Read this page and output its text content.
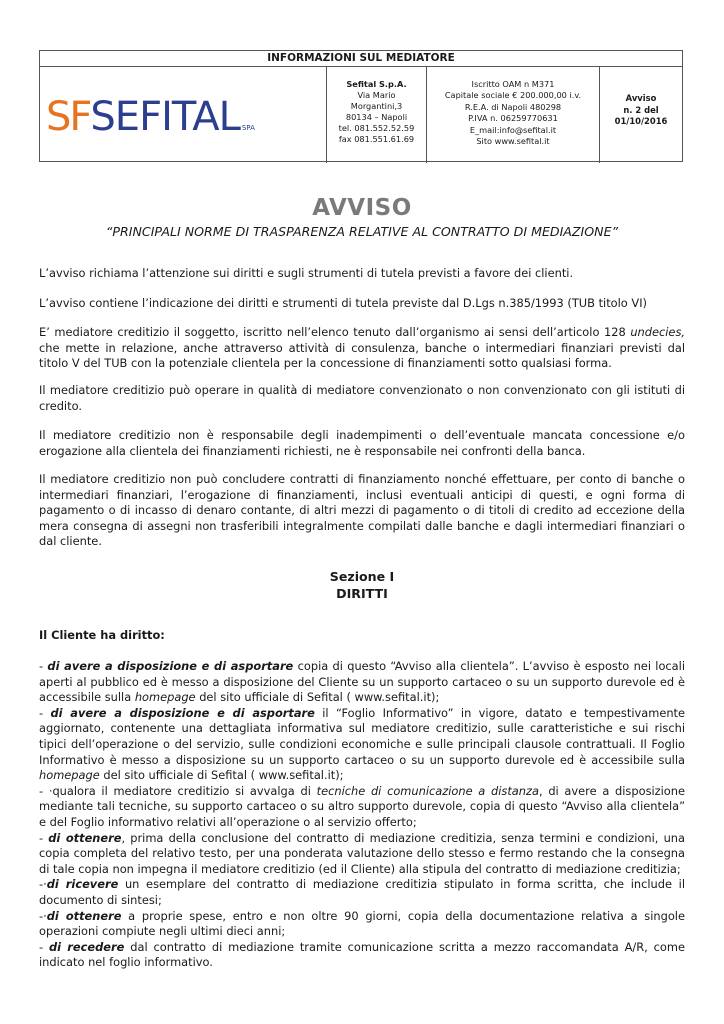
INFORMAZIONI SUL MEDIATORE
SFSEFITAL SPA
Sefital S.p.A.
Via Mario
Morgantini,3
80134 – Napoli
tel. 081.552.52.59
fax 081.551.61.69
Iscritto OAM n M371
Capitale sociale € 200.000,00 i.v.
R.E.A. di Napoli 480298
P.IVA n. 06259770631
E_mail:info@sefital.it
Sito www.sefital.it
Avviso
n. 2 del
01/10/2016
AVVISO
“PRINCIPALI NORME DI TRASPARENZA RELATIVE AL CONTRATTO DI MEDIAZIONE”

L’avviso richiama l’attenzione sui diritti e sugli strumenti di tutela previsti a favore dei clienti.

L’avviso contiene l’indicazione dei diritti e strumenti di tutela previste dal D.Lgs n.385/1993 (TUB titolo VI)

E’ mediatore creditizio il soggetto, iscritto nell’elenco tenuto dall’organismo ai sensi dell’articolo 128 undecies, che mette in relazione, anche attraverso attività di consulenza, banche o intermediari finanziari previsti dal titolo V del TUB con la potenziale clientela per la concessione di finanziamenti sotto qualsiasi forma.

Il mediatore creditizio può operare in qualità di mediatore convenzionato o non convenzionato con gli istituti di credito.

Il mediatore creditizio non è responsabile degli inadempimenti o dell’eventuale mancata concessione e/o erogazione alla clientela dei finanziamenti richiesti, ne è responsabile nei confronti della banca.

Il mediatore creditizio non può concludere contratti di finanziamento nonché effettuare, per conto di banche o intermediari finanziari, l’erogazione di finanziamenti, inclusi eventuali anticipi di questi, e ogni forma di pagamento o di incasso di denaro contante, di altri mezzi di pagamento o di titoli di credito ad eccezione della mera consegna di assegni non trasferibili integralmente compilati dalle banche e dagli intermediari finanziari o dal cliente.

Sezione I
DIRITTI

Il Cliente ha diritto:

- di avere a disposizione e di asportare copia di questo “Avviso alla clientela”. L’avviso è esposto nei locali aperti al pubblico ed è messo a disposizione del Cliente su un supporto cartaceo o su un supporto durevole ed è accessibile sulla homepage del sito ufficiale di Sefital ( www.sefital.it);

- di avere a disposizione e di asportare il “Foglio Informativo” in vigore, datato e tempestivamente aggiornato, contenente una dettagliata informativa sul mediatore creditizio, sulle caratteristiche e sui rischi tipici dell’operazione o del servizio, sulle condizioni economiche e sulle principali clausole contrattuali. Il Foglio Informativo è messo a disposizione su un supporto cartaceo o su un supporto durevole ed è accessibile sulla homepage del sito ufficiale di Sefital ( www.sefital.it);

- ·qualora il mediatore creditizio si avvalga di tecniche di comunicazione a distanza, di avere a disposizione mediante tali tecniche, su supporto cartaceo o su altro supporto durevole, copia di questo “Avviso alla clientela” e del Foglio informativo relativi all’operazione o al servizio offerto;

- di ottenere, prima della conclusione del contratto di mediazione creditizia, senza termini e condizioni, una copia completa del relativo testo, per una ponderata valutazione dello stesso e fermo restando che la consegna di tale copia non impegna il mediatore creditizio (ed il Cliente) alla stipula del contratto di mediazione creditizia;

-·di ricevere un esemplare del contratto di mediazione creditizia stipulato in forma scritta, che include il documento di sintesi;

-·di ottenere a proprie spese, entro e non oltre 90 giorni, copia della documentazione relativa a singole operazioni compiute negli ultimi dieci anni;

- di recedere dal contratto di mediazione tramite comunicazione scritta a mezzo raccomandata A/R, come indicato nel foglio informativo.
